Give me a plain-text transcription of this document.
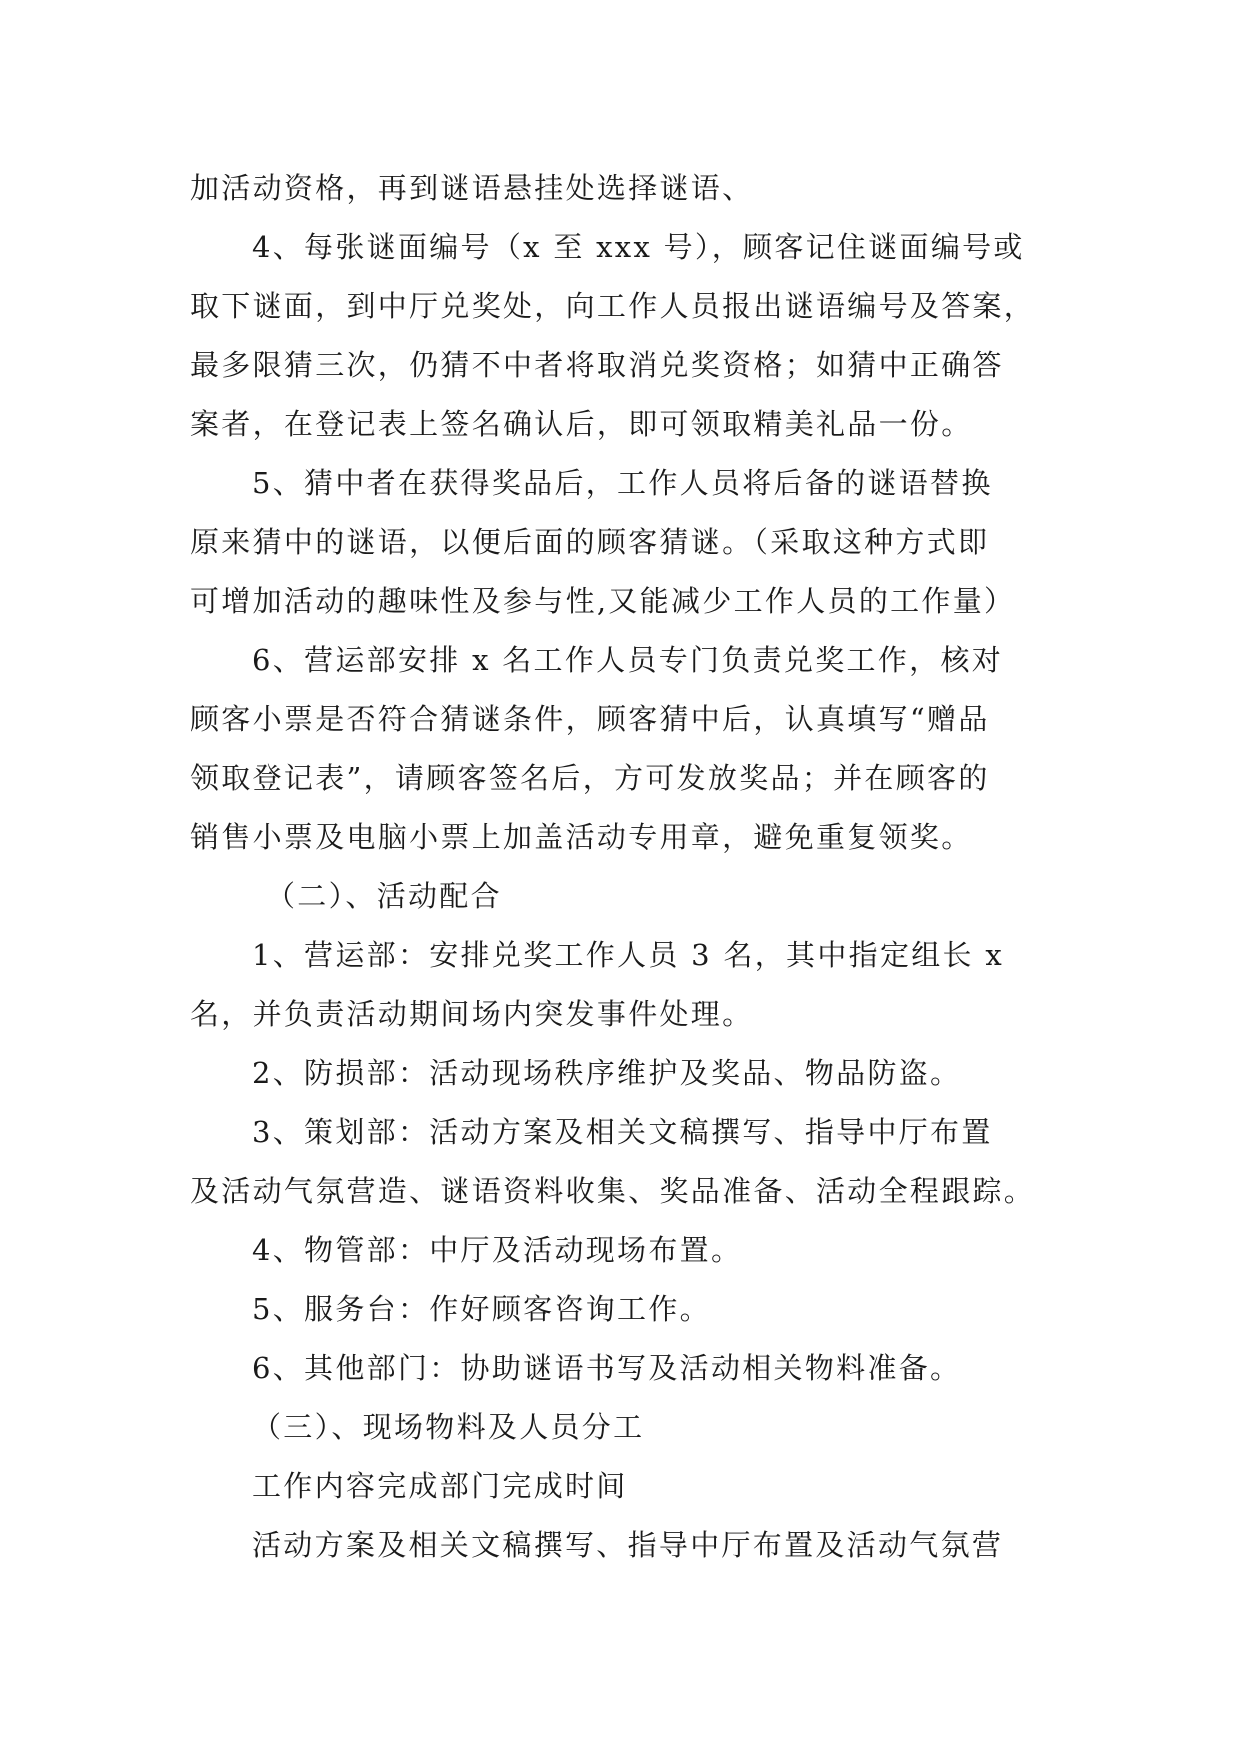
加活动资格，再到谜语悬挂处选择谜语、
4、每张谜面编号（x 至 xxx 号），顾客记住谜面编号或
取下谜面，到中厅兑奖处，向工作人员报出谜语编号及答案，
最多限猜三次，仍猜不中者将取消兑奖资格；如猜中正确答
案者，在登记表上签名确认后，即可领取精美礼品一份。
5、猜中者在获得奖品后，工作人员将后备的谜语替换
原来猜中的谜语，以便后面的顾客猜谜。（采取这种方式即
可增加活动的趣味性及参与性,又能减少工作人员的工作量）
6、营运部安排 x 名工作人员专门负责兑奖工作，核对
顾客小票是否符合猜谜条件，顾客猜中后，认真填写“赠品
领取登记表”，请顾客签名后，方可发放奖品；并在顾客的
销售小票及电脑小票上加盖活动专用章，避免重复领奖。
（二）、活动配合
1、营运部：安排兑奖工作人员 3 名，其中指定组长 x
名，并负责活动期间场内突发事件处理。
2、防损部：活动现场秩序维护及奖品、物品防盗。
3、策划部：活动方案及相关文稿撰写、指导中厅布置
及活动气氛营造、谜语资料收集、奖品准备、活动全程跟踪。
4、物管部：中厅及活动现场布置。
5、服务台：作好顾客咨询工作。
6、其他部门：协助谜语书写及活动相关物料准备。
（三）、现场物料及人员分工
工作内容完成部门完成时间
活动方案及相关文稿撰写、指导中厅布置及活动气氛营
